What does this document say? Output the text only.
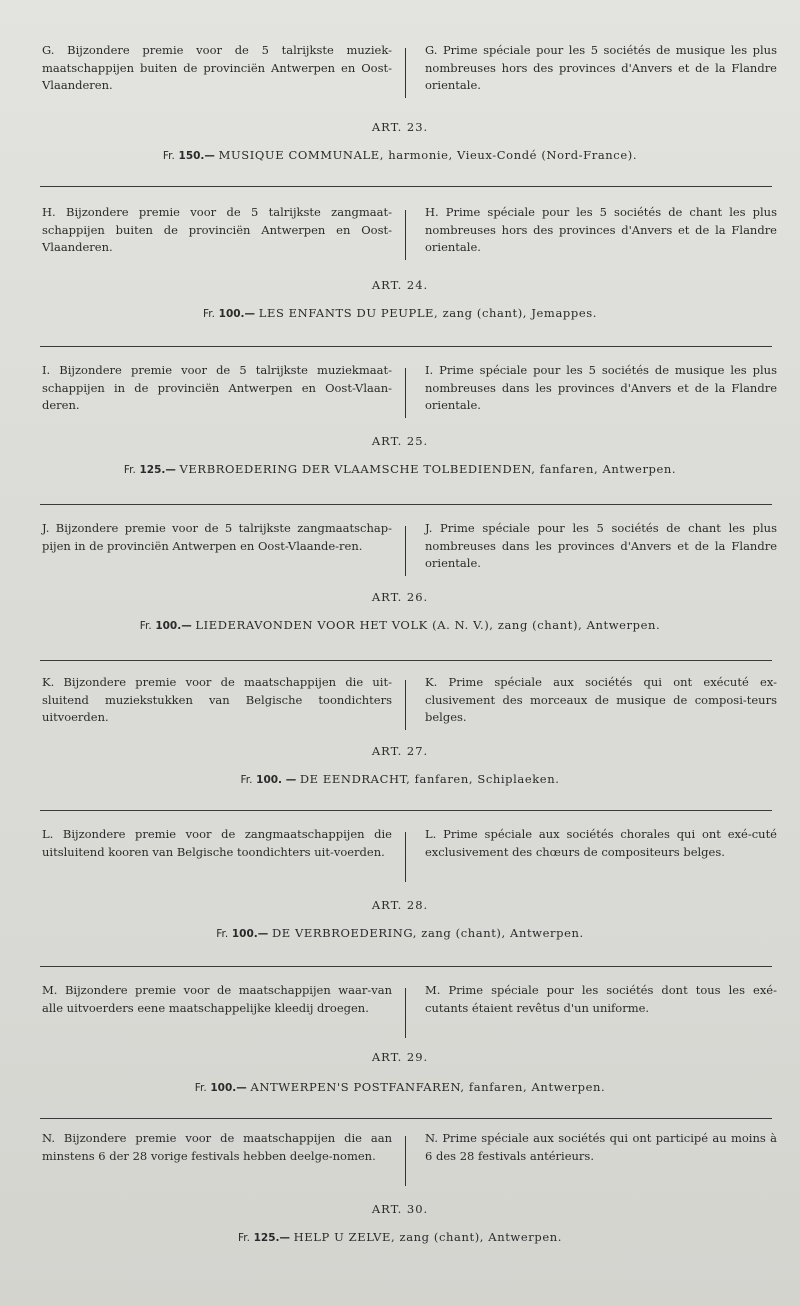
G. Bijzondere premie voor de 5 talrijkste muziek-maatschappijen buiten de provinciën Antwerpen en Oost-Vlaanderen.
G. Prime spéciale pour les 5 sociétés de musique les plus nombreuses hors des provinces d'Anvers et de la Flandre orientale.
ART. 23.
Fr. 150.— MUSIQUE COMMUNALE, harmonie, Vieux-Condé (Nord-France).
H. Bijzondere premie voor de 5 talrijkste zangmaat-schappijen buiten de provinciën Antwerpen en Oost-Vlaanderen.
H. Prime spéciale pour les 5 sociétés de chant les plus nombreuses hors des provinces d'Anvers et de la Flandre orientale.
ART. 24.
Fr. 100.— LES ENFANTS DU PEUPLE, zang (chant), Jemappes.
I. Bijzondere premie voor de 5 talrijkste muziekmaat-schappijen in de provinciën Antwerpen en Oost-Vlaan-deren.
I. Prime spéciale pour les 5 sociétés de musique les plus nombreuses dans les provinces d'Anvers et de la Flandre orientale.
ART. 25.
Fr. 125.— VERBROEDERING DER VLAAMSCHE TOLBEDIENDEN, fanfaren, Antwerpen.
J. Bijzondere premie voor de 5 talrijkste zangmaatschap-pijen in de provinciën Antwerpen en Oost-Vlaande-ren.
J. Prime spéciale pour les 5 sociétés de chant les plus nombreuses dans les provinces d'Anvers et de la Flandre orientale.
ART. 26.
Fr. 100.— LIEDERAVONDEN VOOR HET VOLK (A. N. V.), zang (chant), Antwerpen.
K. Bijzondere premie voor de maatschappijen die uit-sluitend muziekstukken van Belgische toondichters uitvoerden.
K. Prime spéciale aux sociétés qui ont exécuté ex-clusivement des morceaux de musique de composi-teurs belges.
ART. 27.
Fr. 100. — DE EENDRACHT, fanfaren, Schiplaeken.
L. Bijzondere premie voor de zangmaatschappijen die uitsluitend kooren van Belgische toondichters uit-voerden.
L. Prime spéciale aux sociétés chorales qui ont exé-cuté exclusivement des chœurs de compositeurs belges.
ART. 28.
Fr. 100.— DE VERBROEDERING, zang (chant), Antwerpen.
M. Bijzondere premie voor de maatschappijen waar-van alle uitvoerders eene maatschappelijke kleedij droegen.
M. Prime spéciale pour les sociétés dont tous les exé-cutants étaient revêtus d'un uniforme.
ART. 29.
Fr. 100.— ANTWERPEN'S POSTFANFAREN, fanfaren, Antwerpen.
N. Bijzondere premie voor de maatschappijen die aan minstens 6 der 28 vorige festivals hebben deelge-nomen.
N. Prime spéciale aux sociétés qui ont participé au moins à 6 des 28 festivals antérieurs.
ART. 30.
Fr. 125.— HELP U ZELVE, zang (chant), Antwerpen.
